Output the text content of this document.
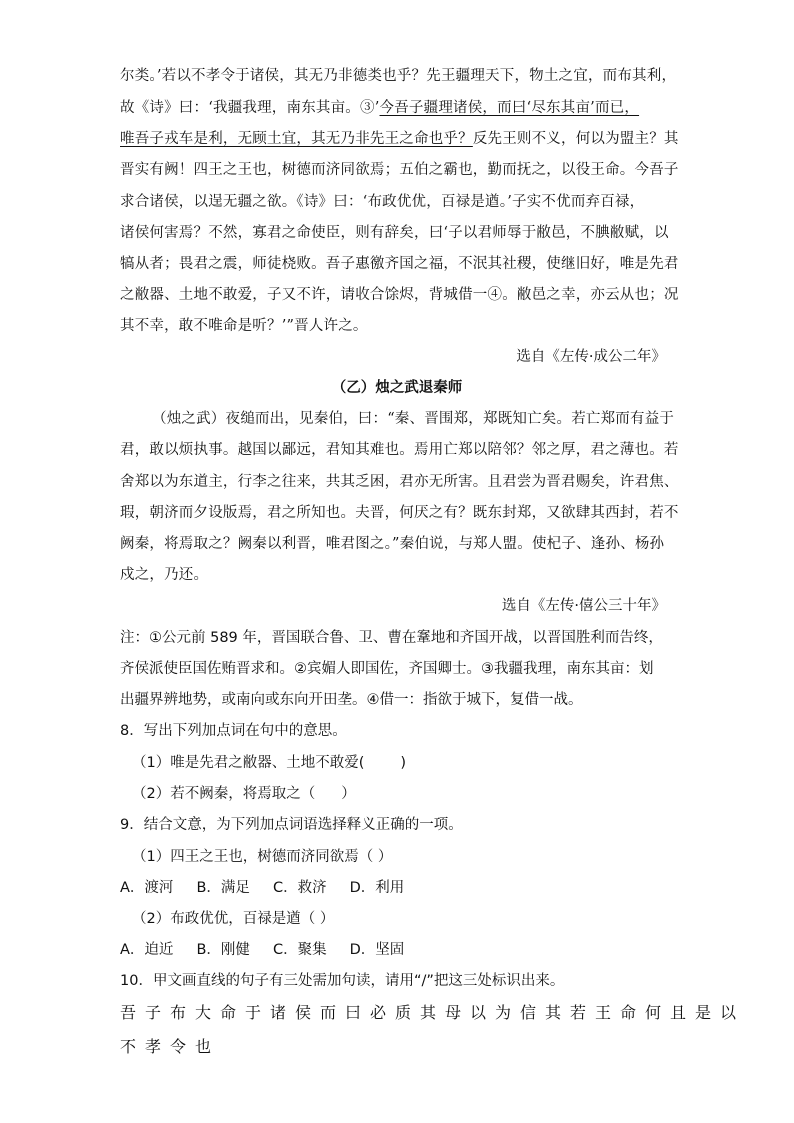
尔类。’若以不孝令于诸侯，其无乃非德类也乎？先王疆理天下，物土之宜，而布其利，
故《诗》曰：‘我疆我理，南东其亩。③’今吾子疆理诸侯，而曰‘尽东其亩’而已，
唯吾子戎车是利，无顾土宜，其无乃非先王之命也乎？反先王则不义，何以为盟主？其
晋实有阙！四王之王也，树德而济同欲焉；五伯之霸也，勤而抚之，以役王命。今吾子
求合诸侯，以逞无疆之欲。《诗》曰：‘布政优优，百禄是遒。’子实不优而弃百禄，
诸侯何害焉？不然，寡君之命使臣，则有辞矣，曰‘子以君师辱于敝邑，不腆敝赋，以
犒从者；畏君之震，师徒桡败。吾子惠徼齐国之福，不泯其社稷，使继旧好，唯是先君
之敝器、土地不敢爱，子又不许，请收合馀烬，背城借一④。敝邑之幸，亦云从也；况
其不幸，敢不唯命是听？’”晋人许之。
选自《左传·成公二年》
（乙）烛之武退秦师
（烛之武）夜缒而出，见秦伯，曰：“秦、晋围郑，郑既知亡矣。若亡郑而有益于
君，敢以烦执事。越国以鄙远，君知其难也。焉用亡郑以陪邻？邻之厚，君之薄也。若
舍郑以为东道主，行李之往来，共其乏困，君亦无所害。且君尝为晋君赐矣，许君焦、
瑕，朝济而夕设版焉，君之所知也。夫晋，何厌之有？既东封郑，又欲肆其西封，若不
阙秦，将焉取之？阙秦以利晋，唯君图之。”秦伯说，与郑人盟。使杞子、逢孙、杨孙
戍之，乃还。
选自《左传·僖公三十年》
注：①公元前 589 年，晋国联合鲁、卫、曹在鞌地和齐国开战，以晋国胜利而告终，
齐侯派使臣国佐贿晋求和。②宾媚人即国佐，齐国卿士。③我疆我理，南东其亩：划
出疆界辨地势，或南向或东向开田垄。④借一：指欲于城下，复借一战。
8．写出下列加点词在句中的意思。
（1）唯是先君之敝器、土地不敢爱( )
（2）若不阙秦，将焉取之（ ）
9．结合文意，为下列加点词语选择释义正确的一项。
（1）四王之王也，树德而济同欲焉（ ）
A．渡河     B．满足     C．救济     D．利用
（2）布政优优，百禄是遒（ ）
A．迫近     B．刚健     C．聚集     D．坚固
10．甲文画直线的句子有三处需加句读，请用“/”把这三处标识出来。
吾子布大命于诸侯而曰必质其母以为信其若王命何且是以
不孝令也
